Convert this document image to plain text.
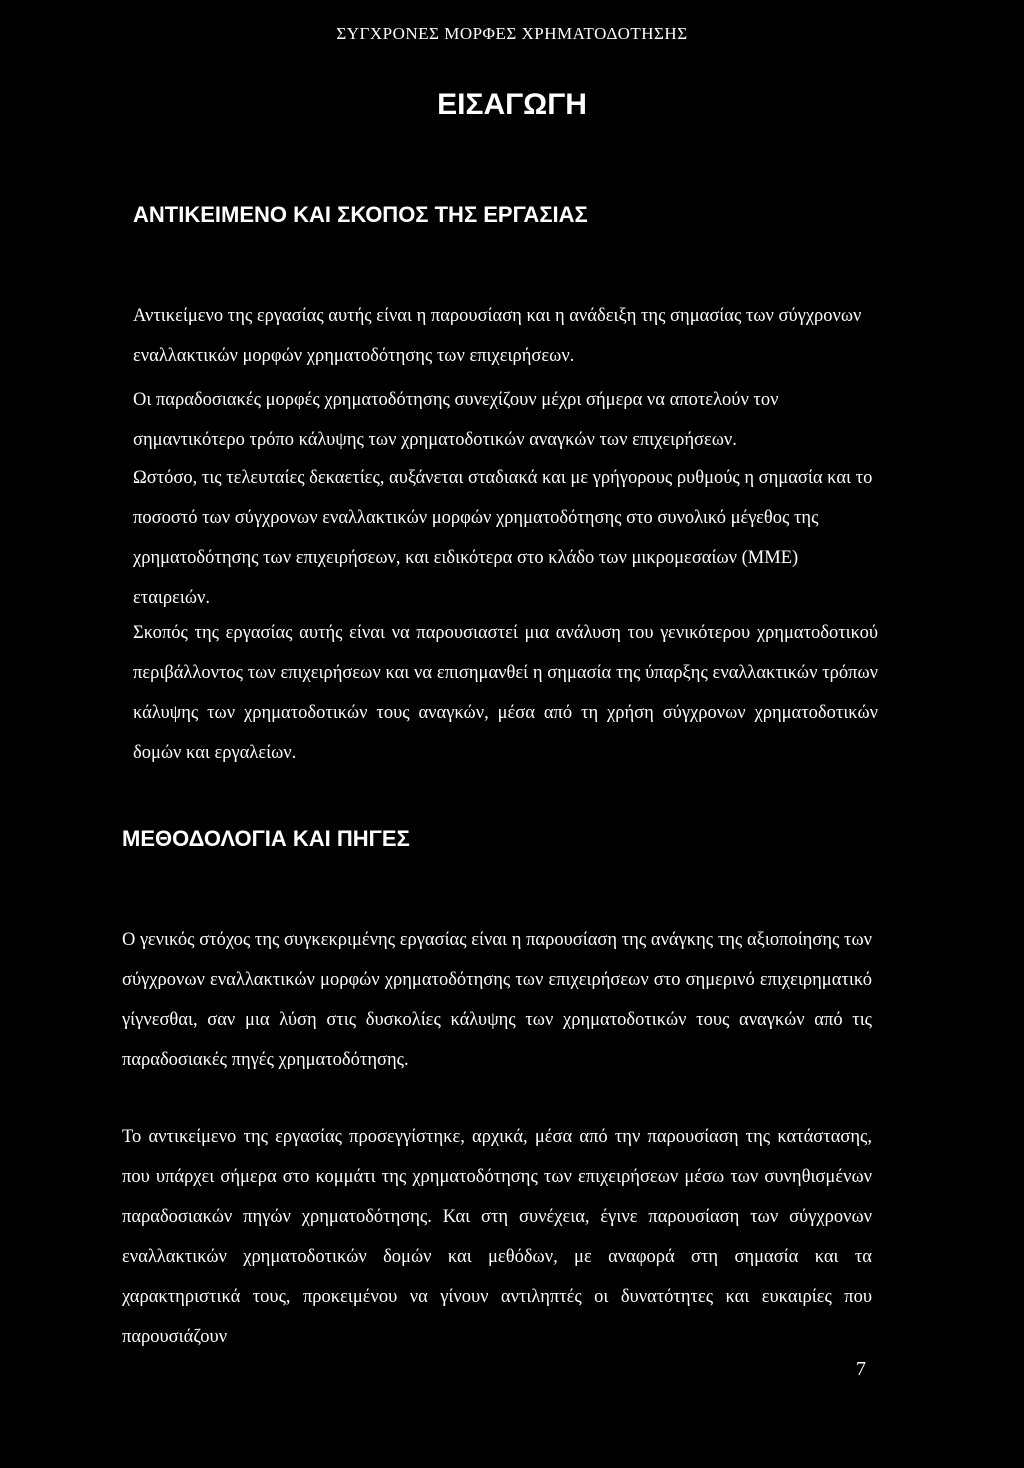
ΣΥΓΧΡΟΝΕΣ ΜΟΡΦΕΣ ΧΡΗΜΑΤΟΔΟΤΗΣΗΣ
ΕΙΣΑΓΩΓΗ
ΑΝΤΙΚΕΙΜΕΝΟ ΚΑΙ ΣΚΟΠΟΣ ΤΗΣ ΕΡΓΑΣΙΑΣ

Αντικείμενο της εργασίας αυτής είναι η παρουσίαση και η ανάδειξη της σημασίας των σύγχρονων εναλλακτικών μορφών χρηματοδότησης των επιχειρήσεων.

Οι παραδοσιακές μορφές χρηματοδότησης συνεχίζουν μέχρι σήμερα να αποτελούν τον σημαντικότερο τρόπο κάλυψης των χρηματοδοτικών αναγκών των επιχειρήσεων.

Ωστόσο, τις τελευταίες δεκαετίες, αυξάνεται σταδιακά και με γρήγορους ρυθμούς η σημασία και το ποσοστό των σύγχρονων εναλλακτικών μορφών χρηματοδότησης στο συνολικό μέγεθος της χρηματοδότησης των επιχειρήσεων, και ειδικότερα στο κλάδο των μικρομεσαίων (ΜΜΕ) εταιρειών.

Σκοπός της εργασίας αυτής είναι να παρουσιαστεί μια ανάλυση του γενικότερου χρηματοδοτικού περιβάλλοντος των επιχειρήσεων και να επισημανθεί η σημασία της ύπαρξης εναλλακτικών τρόπων κάλυψης των χρηματοδοτικών τους αναγκών, μέσα από τη χρήση σύγχρονων χρηματοδοτικών δομών και εργαλείων.

ΜΕΘΟΔΟΛΟΓΙΑ ΚΑΙ ΠΗΓΕΣ

Ο γενικός στόχος της συγκεκριμένης εργασίας είναι η παρουσίαση της ανάγκης της αξιοποίησης των σύγχρονων εναλλακτικών μορφών χρηματοδότησης των επιχειρήσεων στο σημερινό επιχειρηματικό γίγνεσθαι, σαν μια λύση στις δυσκολίες κάλυψης των χρηματοδοτικών τους αναγκών από τις παραδοσιακές πηγές χρηματοδότησης.

Το αντικείμενο της εργασίας προσεγγίστηκε, αρχικά, μέσα από την παρουσίαση της κατάστασης, που υπάρχει σήμερα στο κομμάτι της χρηματοδότησης των επιχειρήσεων μέσω των συνηθισμένων παραδοσιακών πηγών χρηματοδότησης. Και στη συνέχεια, έγινε παρουσίαση των σύγχρονων εναλλακτικών χρηματοδοτικών δομών και μεθόδων, με αναφορά στη σημασία και τα χαρακτηριστικά τους, προκειμένου να γίνουν αντιληπτές οι δυνατότητες και ευκαιρίες που παρουσιάζουν

7
